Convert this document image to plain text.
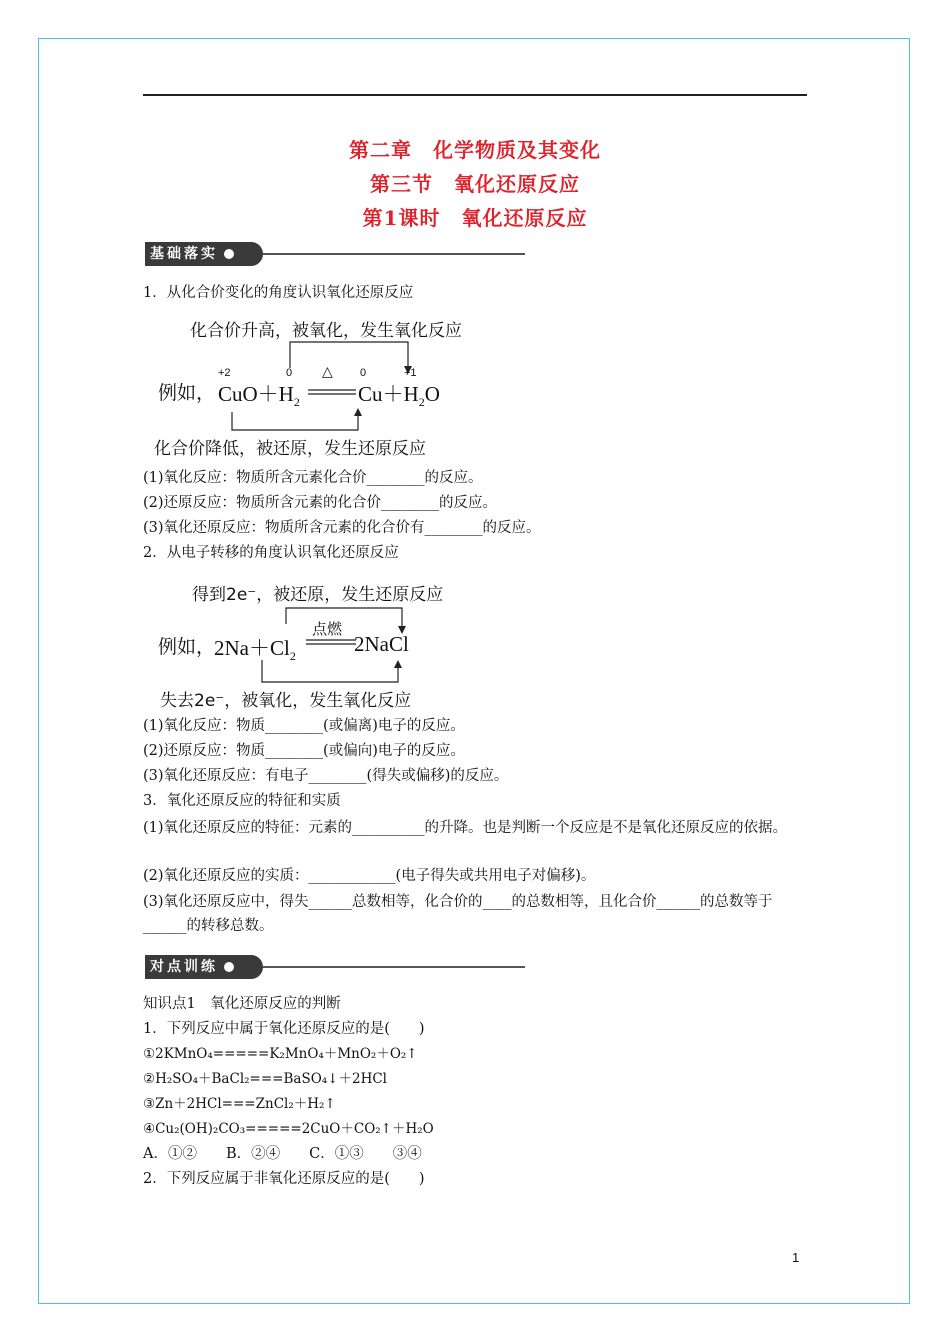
第二章　化学物质及其变化
第三节　氧化还原反应
第1课时　氧化还原反应
基础落实
1．从化合价变化的角度认识氧化还原反应
化合价升高，被氧化，发生氧化反应
+2	0	0	+1
△
例如， $CuO+H_2$	$Cu+H_2O$
化合价降低，被还原，发生还原反应
(1)氧化反应：物质所含元素化合价________的反应。
(2)还原反应：物质所含元素的化合价________的反应。
(3)氧化还原反应：物质所含元素的化合价有________的反应。
2．从电子转移的角度认识氧化还原反应
得到2e⁻，被还原，发生还原反应
点燃
例如，
$2Na+Cl_2$
2NaCl
失去2e⁻，被氧化，发生氧化反应
(1)氧化反应：物质________(或偏离)电子的反应。
(2)还原反应：物质________(或偏向)电子的反应。
(3)氧化还原反应：有电子________(得失或偏移)的反应。
3．氧化还原反应的特征和实质
(1)氧化还原反应的特征：元素的__________的升降。也是判断一个反应是不是氧化还原反应的依据。
(2)氧化还原反应的实质：____________(电子得失或共用电子对偏移)。
(3)氧化还原反应中，得失______总数相等，化合价的____的总数相等，且化合价______的总数等于______的转移总数。
对点训练
知识点1　氧化还原反应的判断
1．下列反应中属于氧化还原反应的是(　　)
①2KMnO₄=====K₂MnO₄＋MnO₂＋O₂↑
②H₂SO₄＋BaCl₂===BaSO₄↓＋2HCl
③Zn＋2HCl===ZnCl₂＋H₂↑
④Cu₂(OH)₂CO₃=====2CuO＋CO₂↑＋H₂O
A．①②　　B．②④　　C．①③　　③④
2．下列反应属于非氧化还原反应的是(　　)
1
